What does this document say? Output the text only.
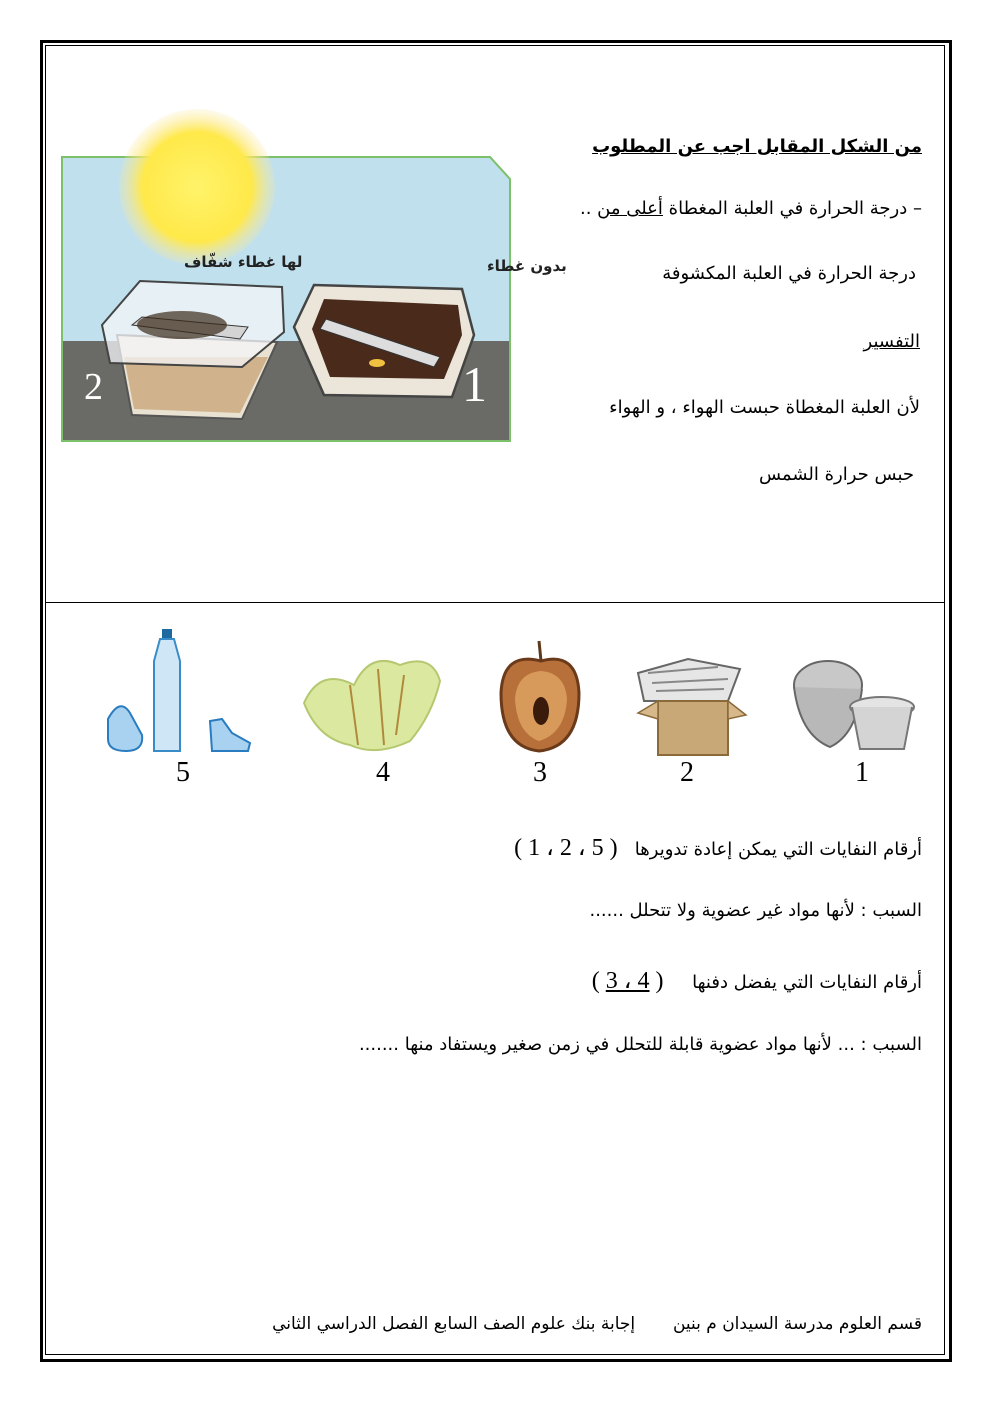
من الشكل المقابل اجب عن المطلوب
– درجة الحرارة في العلبة المغطاة أعلى من ..
درجة الحرارة في العلبة المكشوفة
التفسير
لأن العلبة المغطاة حبست الهواء ، و الهواء
حبس حرارة الشمس
بدون غطاء
لها غطاء شفّاف
1
2
5	4	3	2	1
أرقام النفايات التي يمكن إعادة تدويرها   ( 1 ، 2 ، 5 )
السبب : لأنها مواد غير عضوية ولا تتحلل ......
أرقام النفايات التي يفضل دفنها     ( 3 ، 4 )
السبب : ... لأنها مواد عضوية قابلة للتحلل في زمن صغير ويستفاد منها .......
قسم العلوم مدرسة السيدان م بنين       إجابة بنك علوم الصف السابع الفصل الدراسي الثاني
